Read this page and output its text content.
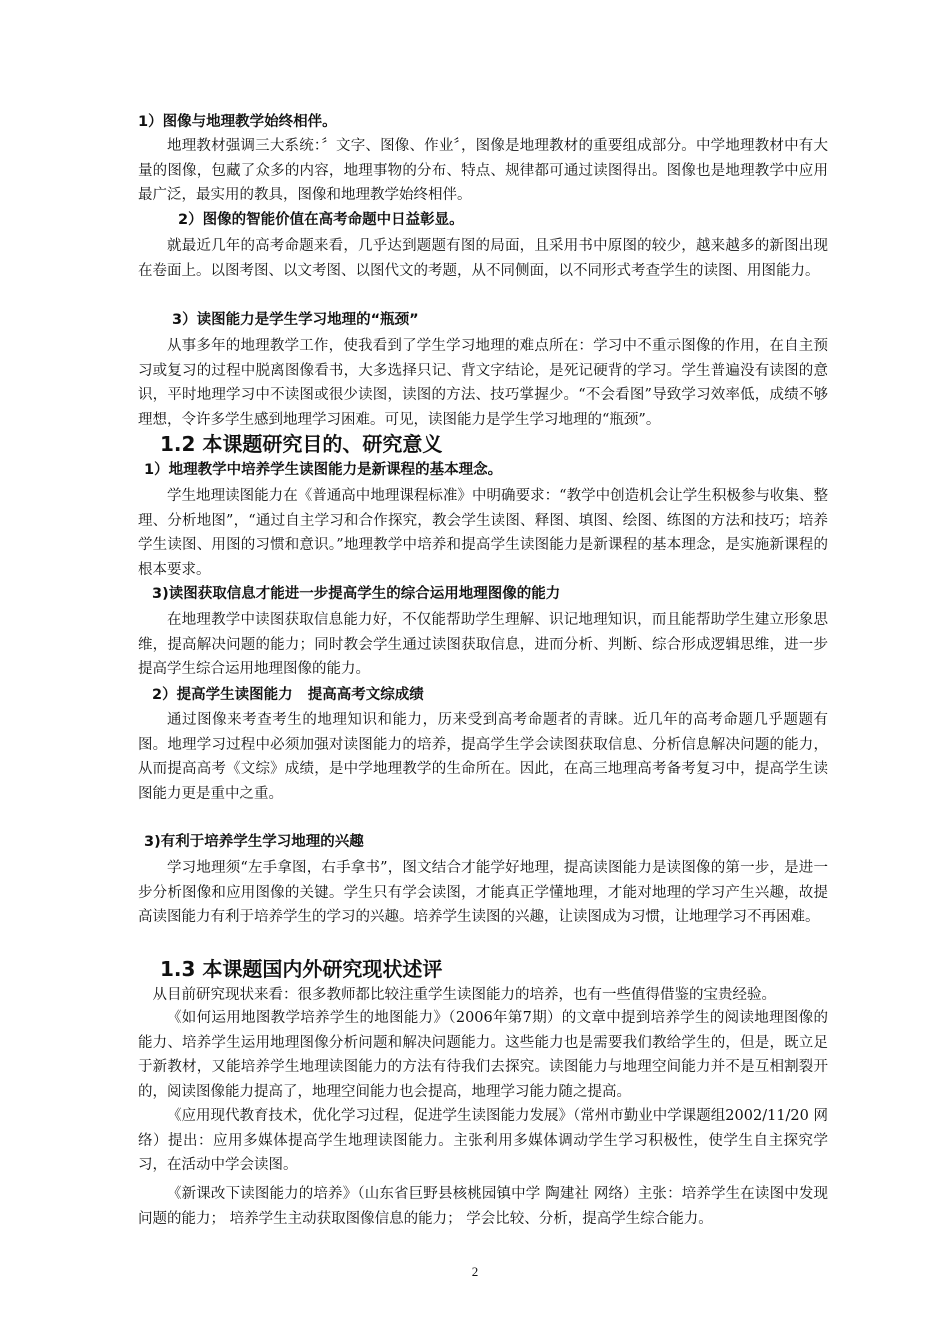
1）图像与地理教学始终相伴。

地理教材强调三大系统：〞文字、图像、作业〞，图像是地理教材的重要组成部分。中学地理教材中有大量的图像，包藏了众多的内容，地理事物的分布、特点、规律都可通过读图得出。图像也是地理教学中应用最广泛，最实用的教具，图像和地理教学始终相伴。

2）图像的智能价值在高考命题中日益彰显。

就最近几年的高考命题来看，几乎达到题题有图的局面，且采用书中原图的较少，越来越多的新图出现在卷面上。以图考图、以文考图、以图代文的考题，从不同侧面，以不同形式考查学生的读图、用图能力。

3）读图能力是学生学习地理的“瓶颈”

从事多年的地理教学工作，使我看到了学生学习地理的难点所在：学习中不重示图像的作用，在自主预习或复习的过程中脱离图像看书，大多选择只记、背文字结论，是死记硬背的学习。学生普遍没有读图的意识，平时地理学习中不读图或很少读图，读图的方法、技巧掌握少。“不会看图”导致学习效率低，成绩不够理想，令许多学生感到地理学习困难。可见，读图能力是学生学习地理的“瓶颈”。

1.2 本课题研究目的、研究意义
1）地理教学中培养学生读图能力是新课程的基本理念。

学生地理读图能力在《普通高中地理课程标准》中明确要求：“教学中创造机会让学生积极参与收集、整理、分析地图”，“通过自主学习和合作探究，教会学生读图、释图、填图、绘图、练图的方法和技巧；培养学生读图、用图的习惯和意识。”地理教学中培养和提高学生读图能力是新课程的基本理念，是实施新课程的根本要求。

3)读图获取信息才能进一步提高学生的综合运用地理图像的能力

在地理教学中读图获取信息能力好，不仅能帮助学生理解、识记地理知识，而且能帮助学生建立形象思维，提高解决问题的能力；同时教会学生通过读图获取信息，进而分析、判断、综合形成逻辑思维，进一步提高学生综合运用地理图像的能力。

2）提高学生读图能力   提高高考文综成绩

通过图像来考查考生的地理知识和能力，历来受到高考命题者的青睐。近几年的高考命题几乎题题有图。地理学习过程中必须加强对读图能力的培养，提高学生学会读图获取信息、分析信息解决问题的能力，从而提高高考《文综》成绩，是中学地理教学的生命所在。因此，在高三地理高考备考复习中，提高学生读图能力更是重中之重。

3)有利于培养学生学习地理的兴趣

学习地理须“左手拿图，右手拿书”，图文结合才能学好地理，提高读图能力是读图像的第一步，是进一步分析图像和应用图像的关键。学生只有学会读图，才能真正学懂地理，才能对地理的学习产生兴趣，故提高读图能力有利于培养学生的学习的兴趣。培养学生读图的兴趣，让读图成为习惯，让地理学习不再困难。

1.3 本课题国内外研究现状述评

从目前研究现状来看：很多教师都比较注重学生读图能力的培养，也有一些值得借鉴的宝贵经验。

《如何运用地图教学培养学生的地图能力》（2006年第7期）的文章中提到培养学生的阅读地理图像的能力、培养学生运用地理图像分析问题和解决问题能力。这些能力也是需要我们教给学生的，但是，既立足于新教材，又能培养学生地理读图能力的方法有待我们去探究。读图能力与地理空间能力并不是互相割裂开的，阅读图像能力提高了，地理空间能力也会提高，地理学习能力随之提高。

《应用现代教育技术，优化学习过程，促进学生读图能力发展》（常州市勤业中学课题组2002/11/20 网络）提出：应用多媒体提高学生地理读图能力。主张利用多媒体调动学生学习积极性，使学生自主探究学习，在活动中学会读图。

《新课改下读图能力的培养》（山东省巨野县核桃园镇中学 陶建社 网络）主张：培养学生在读图中发现问题的能力； 培养学生主动获取图像信息的能力； 学会比较、分析，提高学生综合能力。

2
